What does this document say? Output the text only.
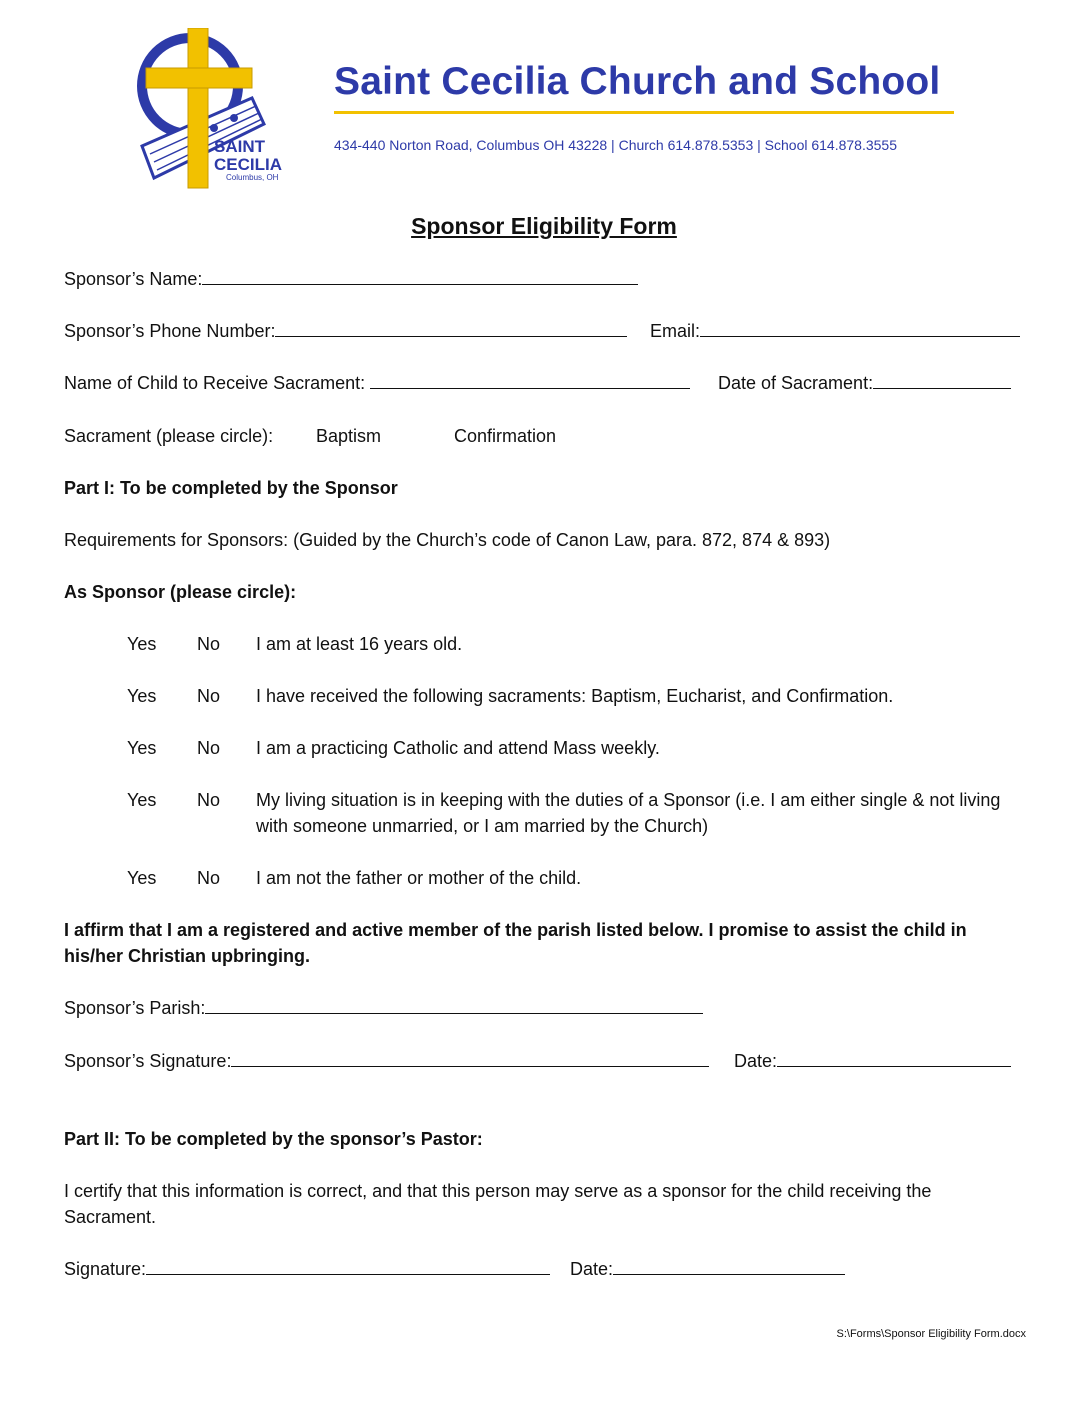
SAINT
CECILIA
Columbus, OH
Saint Cecilia Church and School
434-440 Norton Road, Columbus OH 43228 | Church 614.878.5353 | School 614.878.3555
Sponsor Eligibility Form
Sponsor’s Name:
Sponsor’s Phone Number:	Email:
Name of Child to Receive Sacrament:	Date of Sacrament:
Sacrament (please circle): Baptism	Confirmation
Part I: To be completed by the Sponsor
Requirements for Sponsors: (Guided by the Church’s code of Canon Law, para. 872, 874 & 893)
As Sponsor (please circle):
Yes No I am at least 16 years old.
Yes No I have received the following sacraments: Baptism, Eucharist, and Confirmation.
Yes No I am a practicing Catholic and attend Mass weekly.
Yes No My living situation is in keeping with the duties of a Sponsor (i.e. I am either single & not living with someone unmarried, or I am married by the Church)
Yes No I am not the father or mother of the child.
I affirm that I am a registered and active member of the parish listed below. I promise to assist the child in his/her Christian upbringing.
Sponsor’s Parish:
Sponsor’s Signature:	Date:
Part II: To be completed by the sponsor’s Pastor:
I certify that this information is correct, and that this person may serve as a sponsor for the child receiving the Sacrament.
Signature:	Date:
S:\Forms\Sponsor Eligibility Form.docx
